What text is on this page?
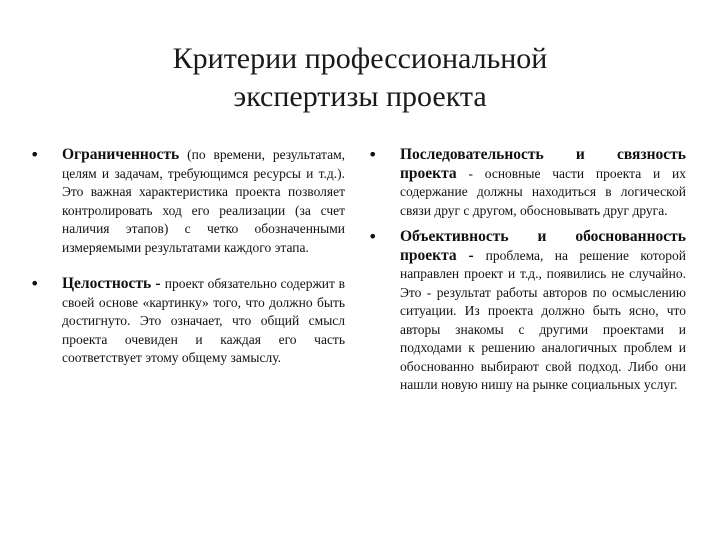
Критерии профессиональной
экспертизы проекта
• Ограниченность (по времени, результатам, целям и задачам, требующимся ресурсы и т.д.). Это важная характеристика проекта позволяет контролировать ход его реализации (за счет наличия этапов) с четко обозначенными измеряемыми результатами каждого этапа.
• Целостность - проект обязательно содержит в своей основе «картинку» того, что должно быть достигнуто. Это означает, что общий смысл проекта очевиден и каждая его часть соответствует этому общему замыслу.
• Последовательность и связность проекта - основные части проекта и их содержание должны находиться в логической связи друг с другом, обосновывать друг друга.
• Объективность и обоснованность проекта - проблема, на решение которой направлен проект и т.д., появились не случайно. Это - результат работы авторов по осмыслению ситуации. Из проекта должно быть ясно, что авторы знакомы с другими проектами и подходами к решению аналогичных проблем и обоснованно выбирают свой подход. Либо они нашли новую нишу на рынке социальных услуг.
